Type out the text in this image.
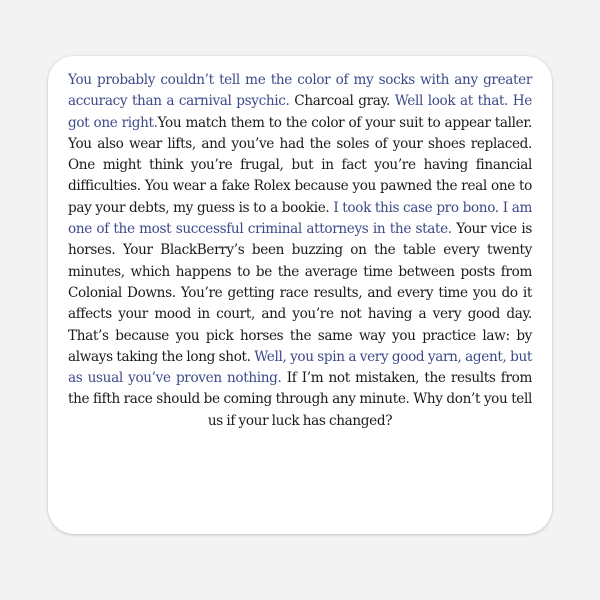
You probably couldn’t tell me the color of my socks with any greater accuracy than a carnival psychic. Charcoal gray. Well look at that. He got one right.You match them to the color of your suit to appear taller. You also wear lifts, and you’ve had the soles of your shoes replaced. One might think you’re frugal, but in fact you’re having financial difficulties. You wear a fake Rolex because you pawned the real one to pay your debts, my guess is to a bookie. I took this case pro bono. I am one of the most successful criminal attorneys in the state. Your vice is horses. Your BlackBerry’s been buzzing on the table every twenty minutes, which happens to be the average time between posts from Colonial Downs. You’re getting race results, and every time you do it affects your mood in court, and you’re not having a very good day. That’s because you pick horses the same way you practice law: by always taking the long shot. Well, you spin a very good yarn, agent, but as usual you’ve proven nothing. If I’m not mistaken, the results from the fifth race should be coming through any minute. Why don’t you tell us if your luck has changed?
